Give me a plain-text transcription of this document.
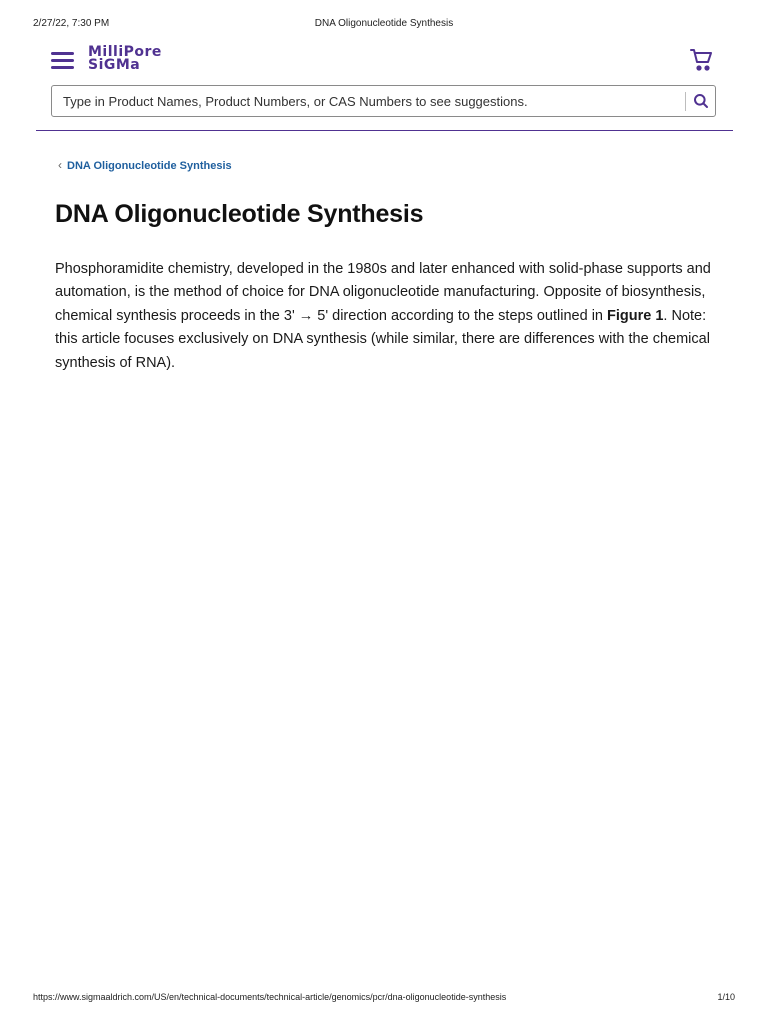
2/27/22, 7:30 PM	DNA Oligonucleotide Synthesis
MilliPore
SiGMa
Type in Product Names, Product Numbers, or CAS Numbers to see suggestions.
‹ DNA Oligonucleotide Synthesis
DNA Oligonucleotide Synthesis

Phosphoramidite chemistry, developed in the 1980s and later enhanced with solid-phase supports and automation, is the method of choice for DNA oligonucleotide manufacturing. Opposite of biosynthesis, chemical synthesis proceeds in the 3' → 5' direction according to the steps outlined in Figure 1. Note: this article focuses exclusively on DNA synthesis (while similar, there are differences with the chemical synthesis of RNA).

https://www.sigmaaldrich.com/US/en/technical-documents/technical-article/genomics/pcr/dna-oligonucleotide-synthesis	1/10
